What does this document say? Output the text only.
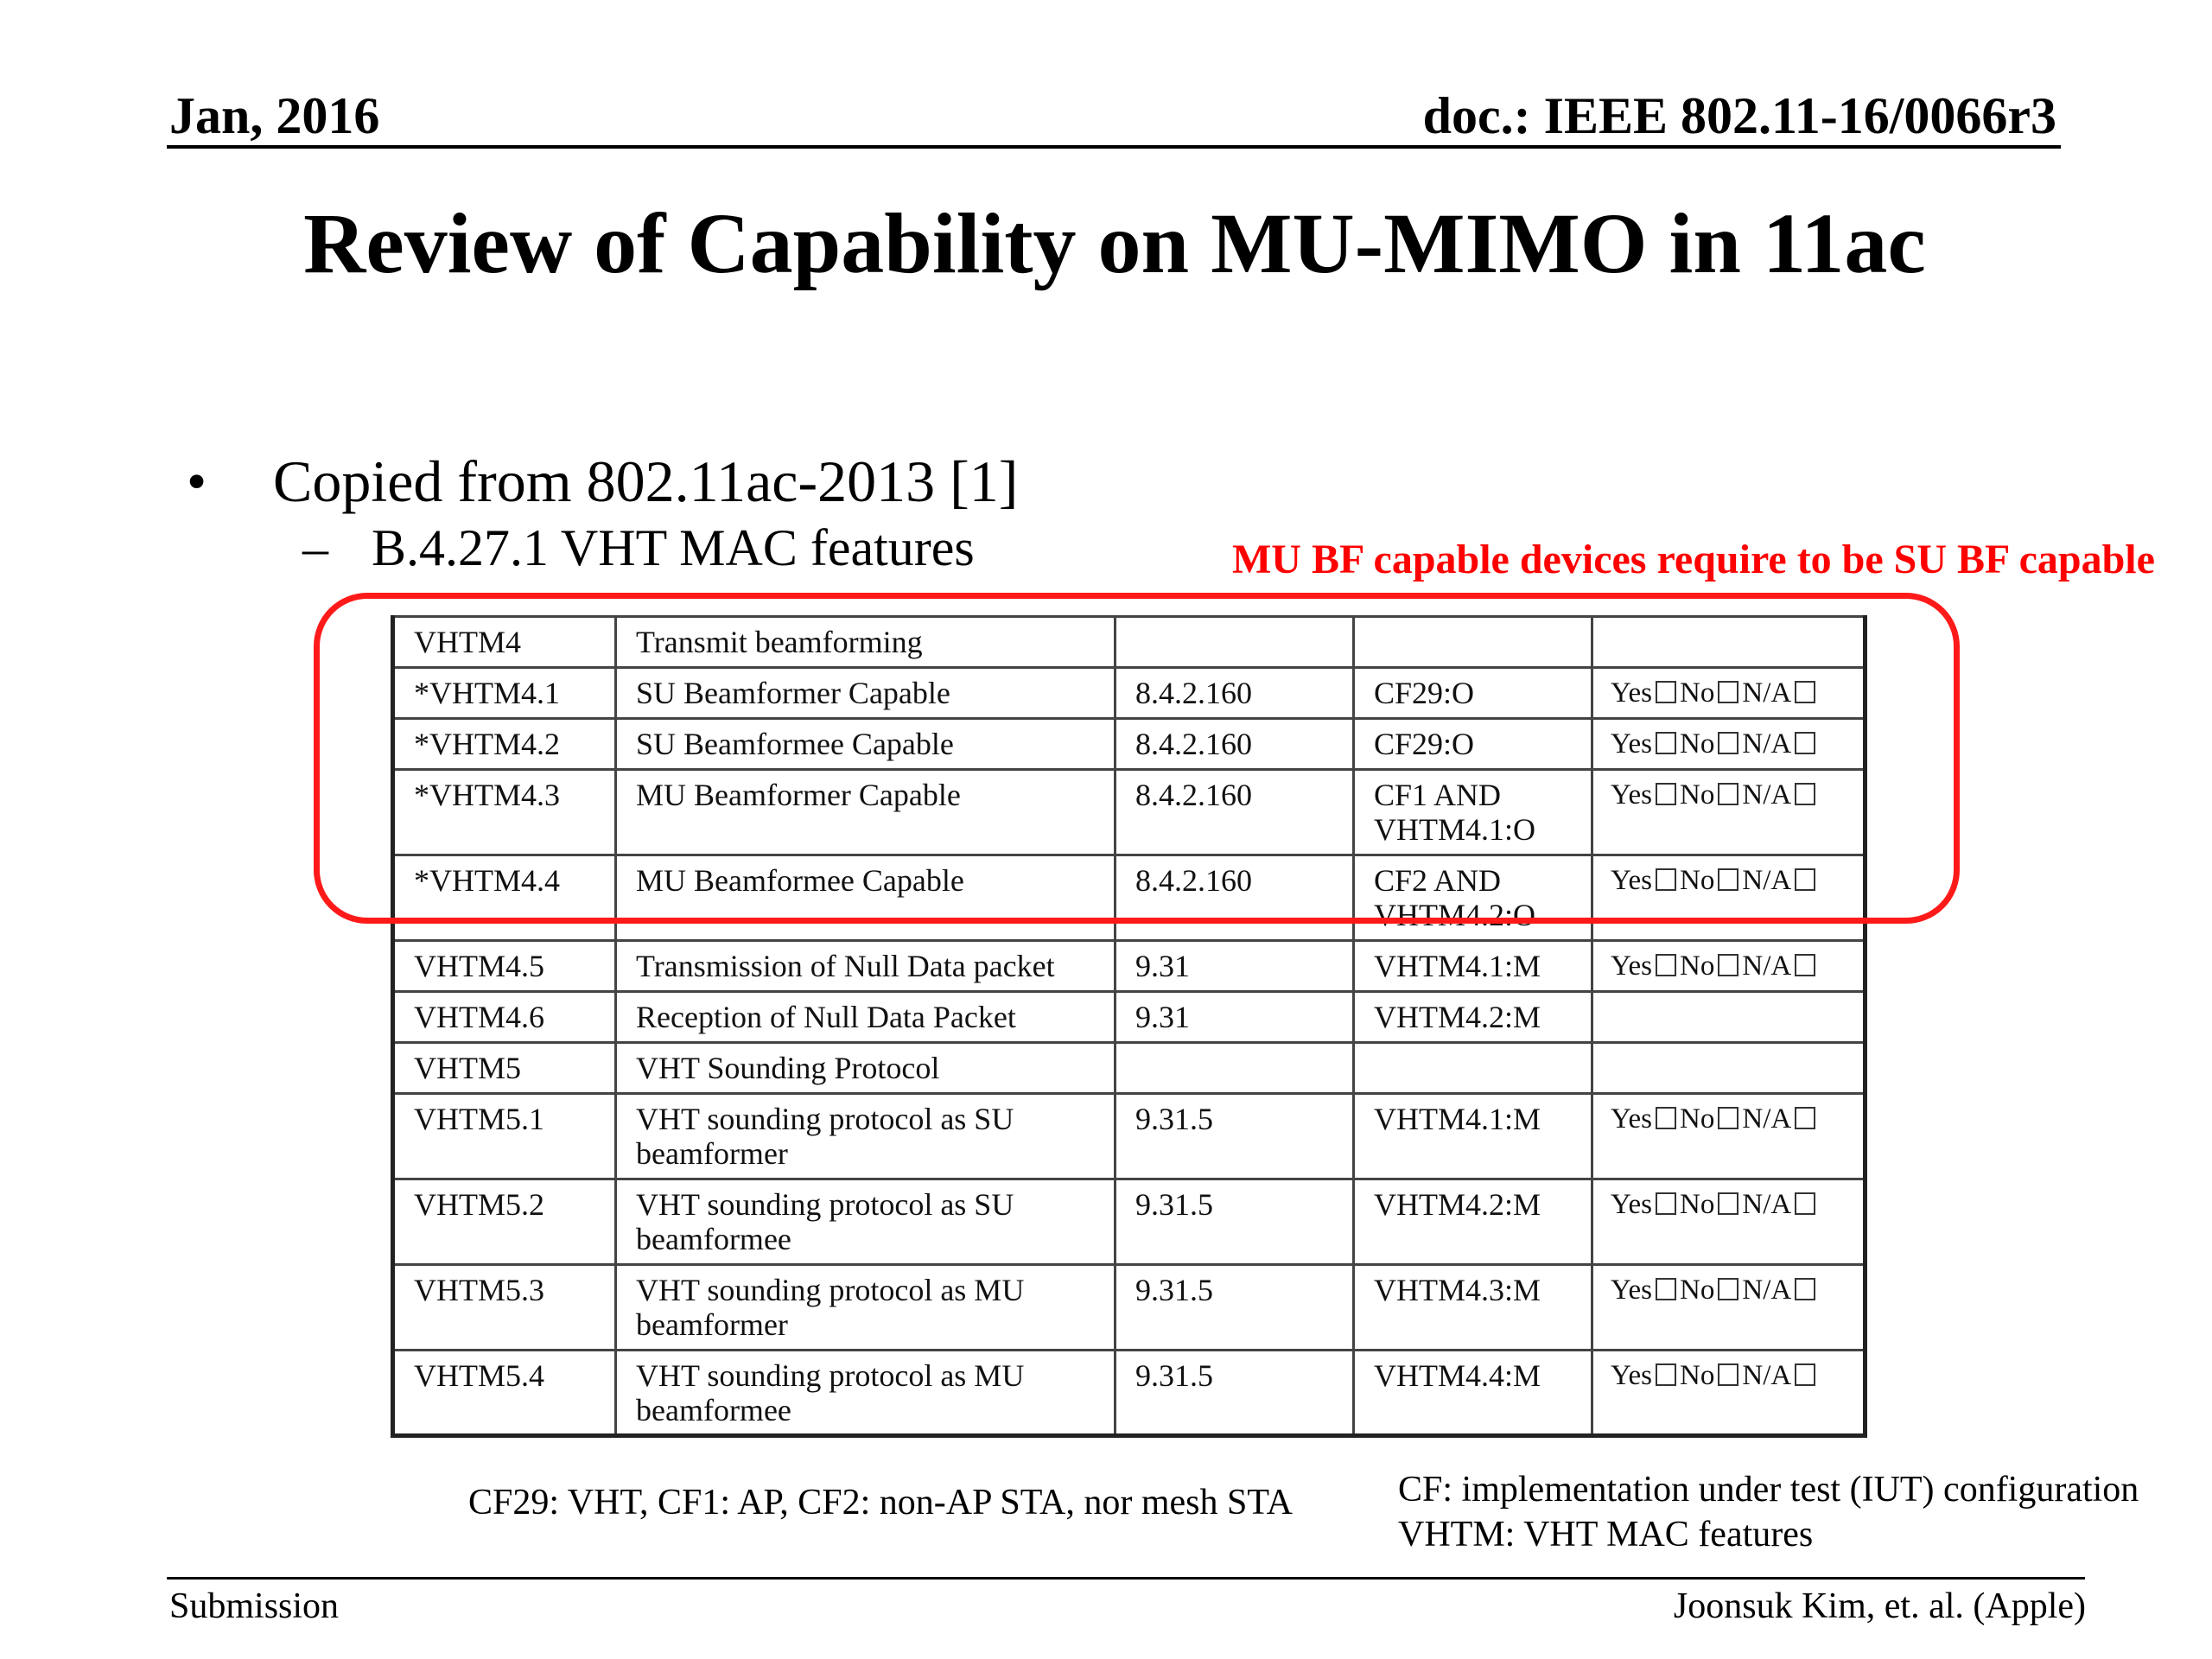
Jan, 2016	doc.: IEEE 802.11-16/0066r3
Review of Capability on MU-MIMO in 11ac
• Copied from 802.11ac-2013 [1]
– B.4.27.1 VHT MAC features	MU BF capable devices require to be SU BF capable
VHTM4	Transmit beamforming			
*VHTM4.1	SU Beamformer Capable	8.4.2.160	CF29:O	Yes No N/A
*VHTM4.2	SU Beamformee Capable	8.4.2.160	CF29:O	Yes No N/A
*VHTM4.3	MU Beamformer Capable	8.4.2.160	CF1 AND VHTM4.1:O	Yes No N/A
*VHTM4.4	MU Beamformee Capable	8.4.2.160	CF2 AND VHTM4.2:O	Yes No N/A
VHTM4.5	Transmission of Null Data packet	9.31	VHTM4.1:M	Yes No N/A
VHTM4.6	Reception of Null Data Packet	9.31	VHTM4.2:M	
VHTM5	VHT Sounding Protocol			
VHTM5.1	VHT sounding protocol as SU beamformer	9.31.5	VHTM4.1:M	Yes No N/A
VHTM5.2	VHT sounding protocol as SU beamformee	9.31.5	VHTM4.2:M	Yes No N/A
VHTM5.3	VHT sounding protocol as MU beamformer	9.31.5	VHTM4.3:M	Yes No N/A
VHTM5.4	VHT sounding protocol as MU beamformee	9.31.5	VHTM4.4:M	Yes No N/A
CF29: VHT, CF1: AP, CF2: non-AP STA, nor mesh STA	CF: implementation under test (IUT) configuration
VHTM: VHT MAC features
Submission	Joonsuk Kim, et. al. (Apple)
